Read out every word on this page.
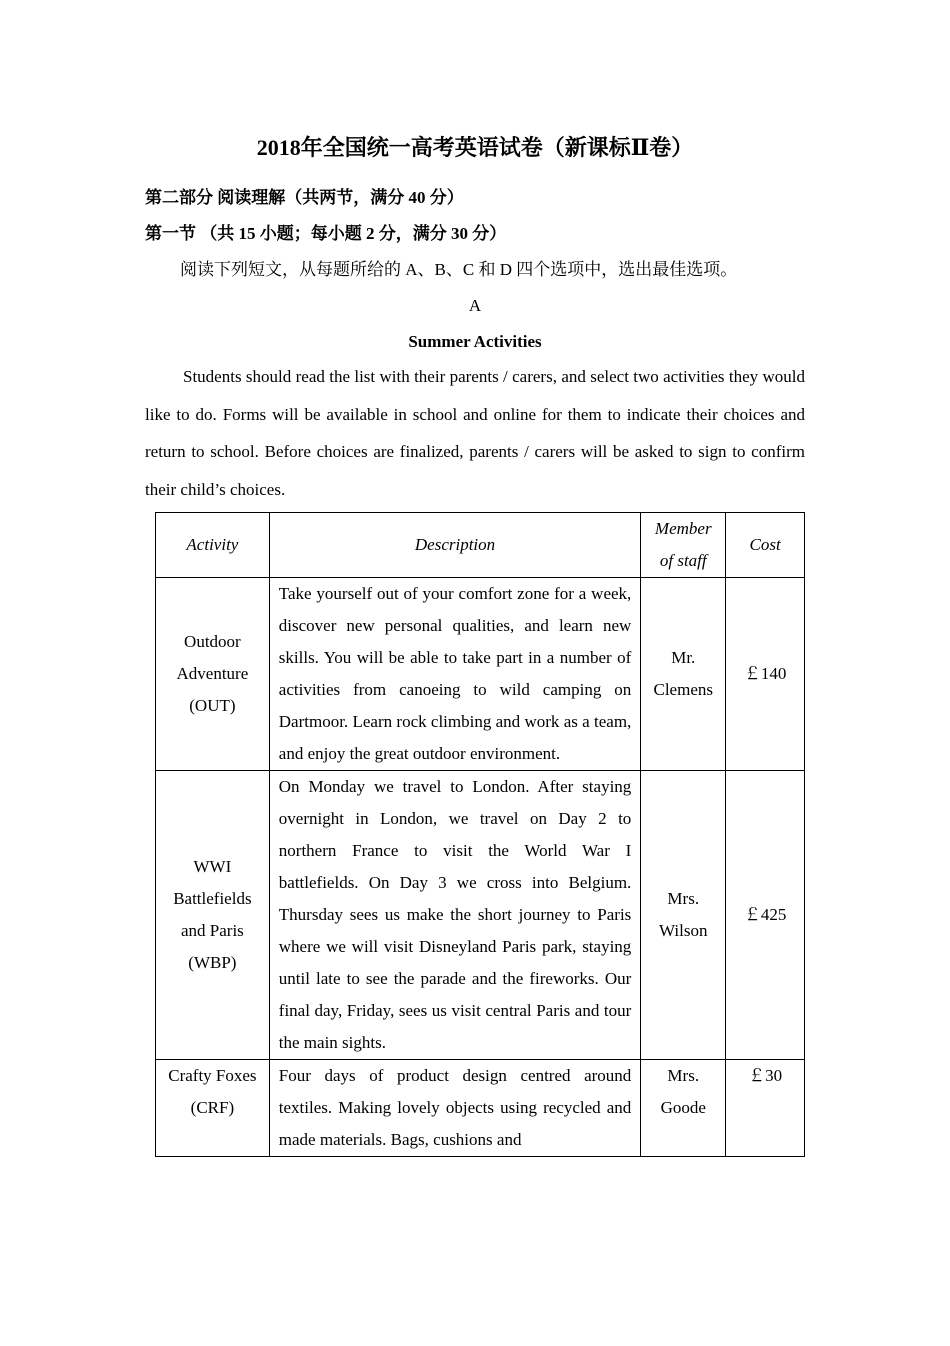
2018年全国统一高考英语试卷（新课标Ⅱ卷）
第二部分 阅读理解（共两节，满分 40 分）
第一节 （共 15 小题；每小题 2 分，满分 30 分）
阅读下列短文，从每题所给的 A、B、C 和 D 四个选项中，选出最佳选项。
A
Summer Activities

Students should read the list with their parents / carers, and select two activities they would like to do. Forms will be available in school and online for them to indicate their choices and return to school. Before choices are finalized, parents / carers will be asked to sign to confirm their child’s choices.

Activity	Description	Member of staff	Cost
Outdoor Adventure (OUT)	Take yourself out of your comfort zone for a week, discover new personal qualities, and learn new skills. You will be able to take part in a number of activities from canoeing to wild camping on Dartmoor. Learn rock climbing and work as a team, and enjoy the great outdoor environment.	Mr. Clemens	￡140
WWI Battlefields and Paris (WBP)	On Monday we travel to London. After staying overnight in London, we travel on Day 2 to northern France to visit the World War I battlefields. On Day 3 we cross into Belgium. Thursday sees us make the short journey to Paris where we will visit Disneyland Paris park, staying until late to see the parade and the fireworks. Our final day, Friday, sees us visit central Paris and tour the main sights.	Mrs. Wilson	￡425
Crafty Foxes (CRF)	Four days of product design centred around textiles. Making lovely objects using recycled and made materials. Bags, cushions and	Mrs. Goode	￡30
